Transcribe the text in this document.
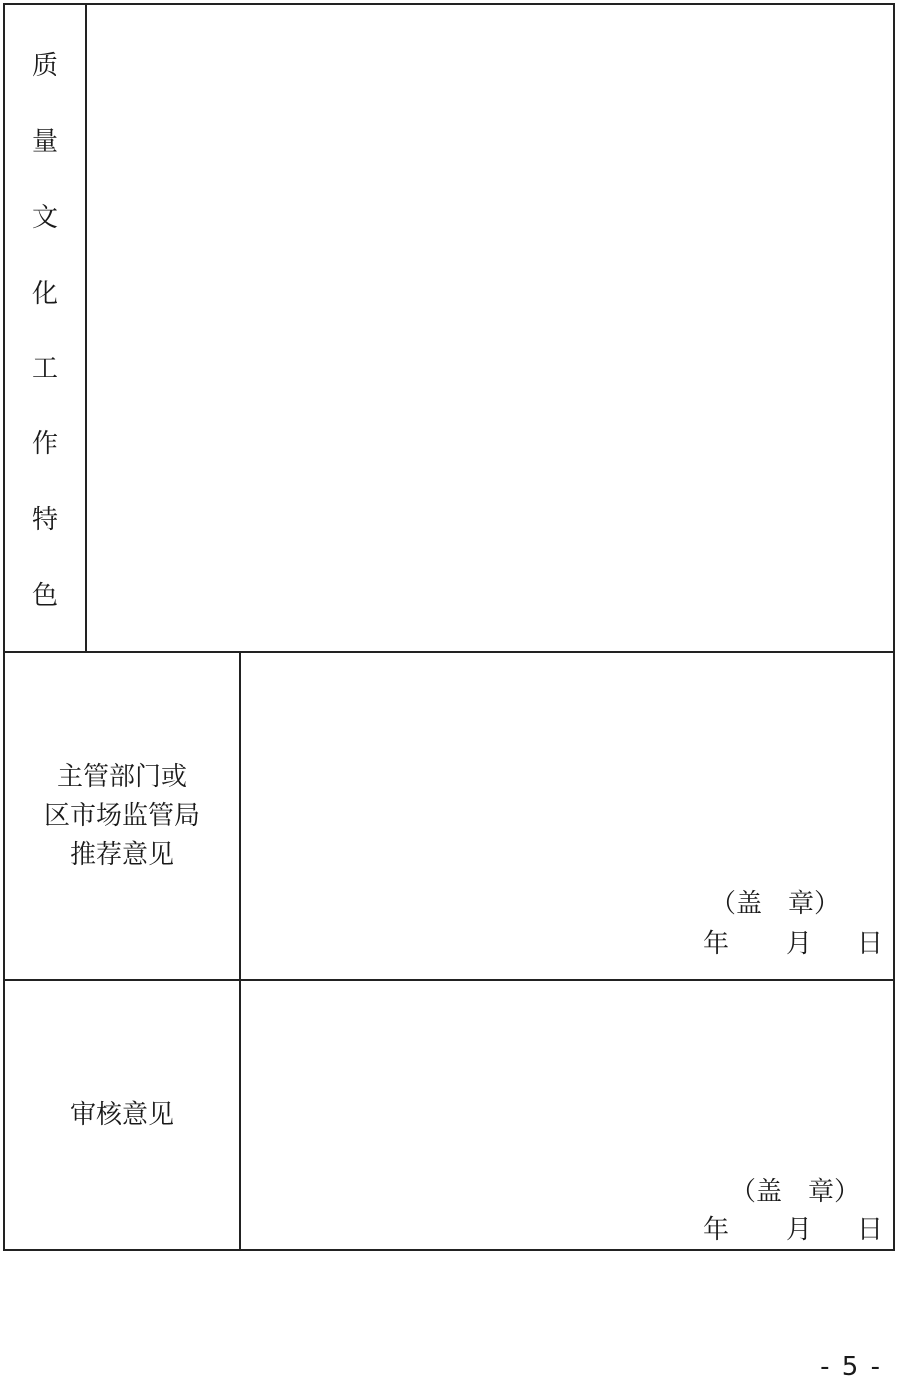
质
量
文
化
工
作
特
色
主管部门或
区市场监管局
推荐意见
（盖　章）
年 月 日
审核意见
（盖　章）
年 月 日
- 5 -
